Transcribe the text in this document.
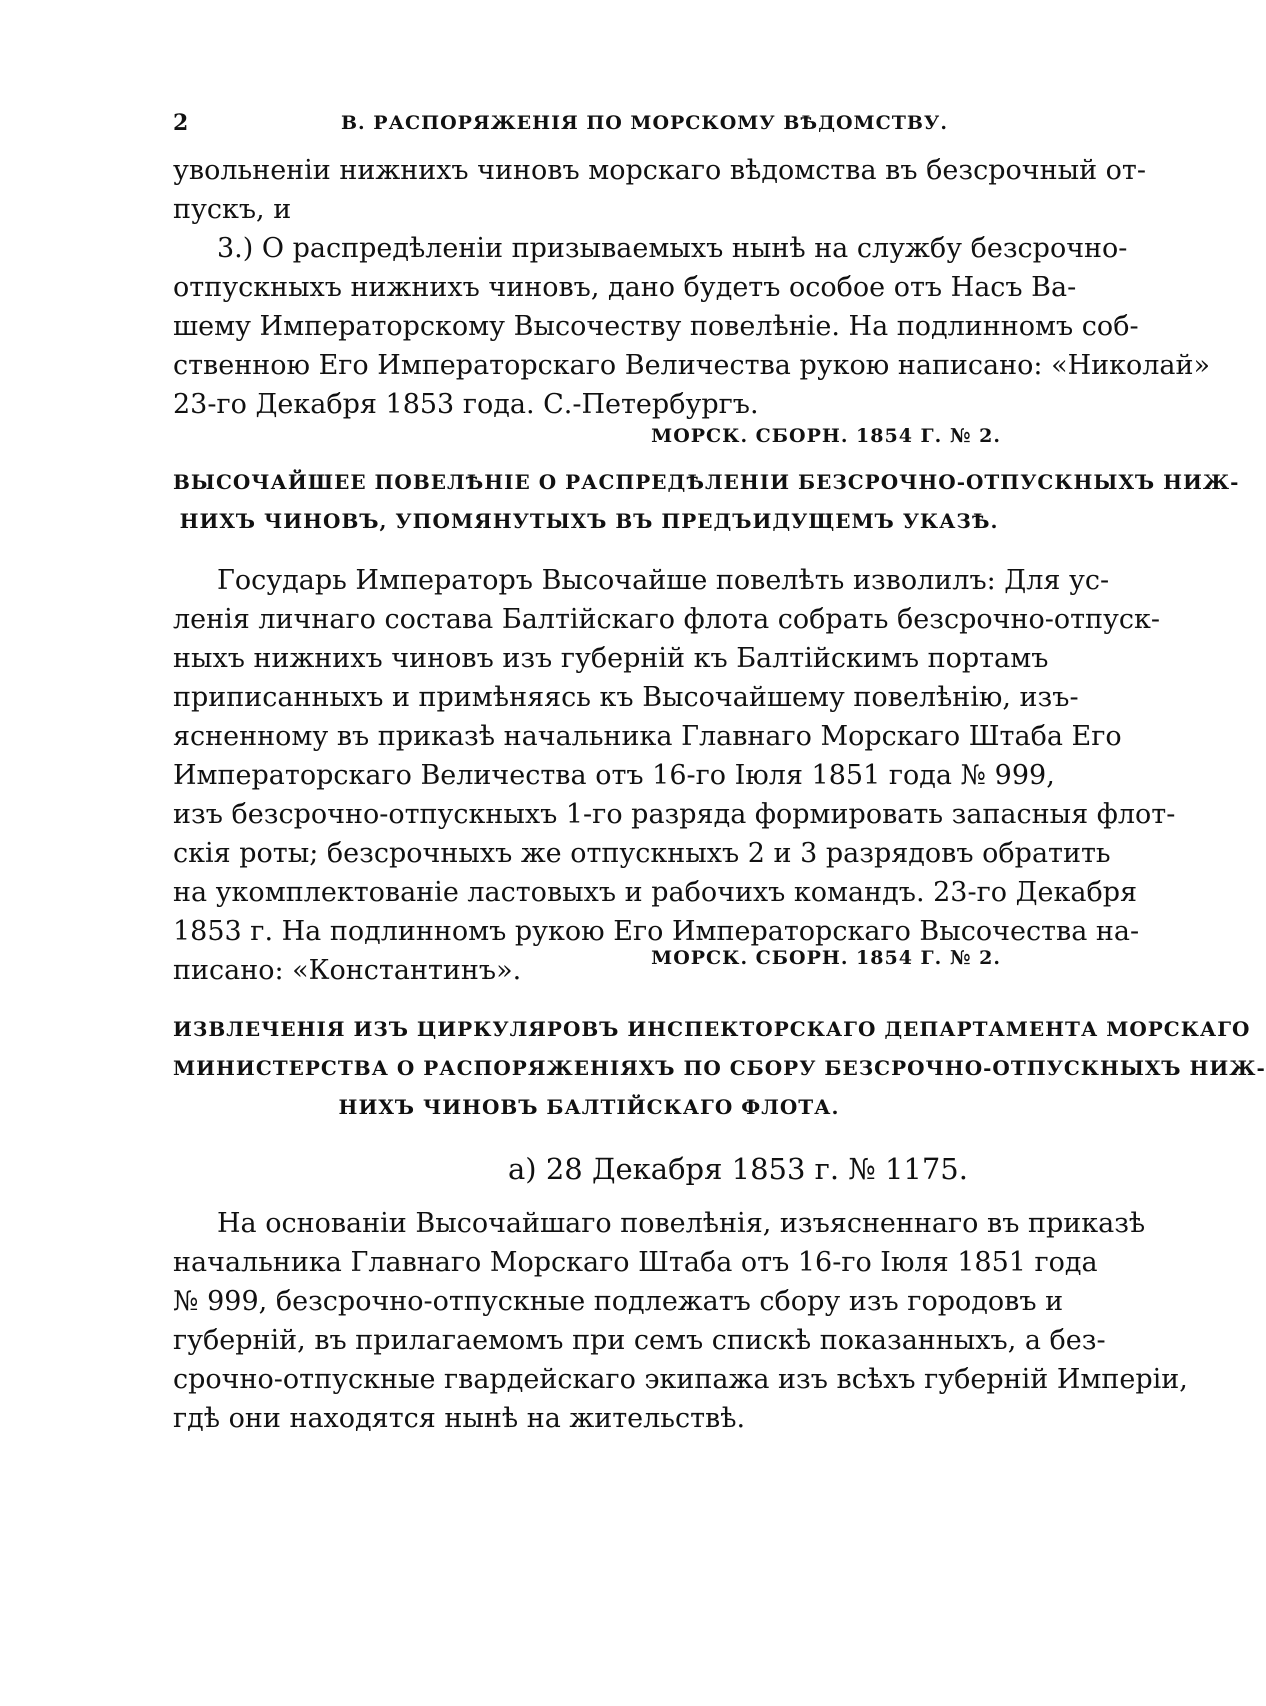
2	В. РАСПОРЯЖЕНІЯ ПО МОРСКОМУ ВѢДОМСТВУ.
увольненіи нижнихъ чиновъ морскаго вѣдомства въ безсрочный от-
пускъ, и
3.) О распредѣленіи призываемыхъ нынѣ на службу безсрочно-
отпускныхъ нижнихъ чиновъ, дано будетъ особое отъ Насъ Ва-
шему Императорскому Высочеству повелѣніе. На подлинномъ соб-
ственною Его Императорскаго Величества рукою написано: «Николай»
23-го Декабря 1853 года. С.-Петербургъ.
МОРСК. СБОРН. 1854 Г. № 2.
ВЫСОЧАЙШЕЕ ПОВЕЛѢНІЕ О РАСПРЕДѢЛЕНІИ БЕЗСРОЧНО-ОТПУСКНЫХЪ НИЖ-
НИХЪ ЧИНОВЪ, УПОМЯНУТЫХЪ ВЪ ПРЕДЪИДУЩЕМЪ УКАЗѢ.
Государь Императоръ Высочайше повелѣть изволилъ: Для ус-
ленія личнаго состава Балтійскаго флота собрать безсрочно-отпуск-
ныхъ нижнихъ чиновъ изъ губерній къ Балтійскимъ портамъ
приписанныхъ и примѣняясь къ Высочайшему повелѣнію, изъ-
ясненному въ приказѣ начальника Главнаго Морскаго Штаба Его
Императорскаго Величества отъ 16-го Іюля 1851 года № 999,
изъ безсрочно-отпускныхъ 1-го разряда формировать запасныя флот-
скія роты; безсрочныхъ же отпускныхъ 2 и 3 разрядовъ обратить
на укомплектованіе ластовыхъ и рабочихъ командъ. 23-го Декабря
1853 г. На подлинномъ рукою Его Императорскаго Высочества на-
писано: «Константинъ».	МОРСК. СБОРН. 1854 Г. № 2.
ИЗВЛЕЧЕНІЯ ИЗЪ ЦИРКУЛЯРОВЪ ИНСПЕКТОРСКАГО ДЕПАРТАМЕНТА МОРСКАГО
МИНИСТЕРСТВА О РАСПОРЯЖЕНІЯХЪ ПО СБОРУ БЕЗСРОЧНО-ОТПУСКНЫХЪ НИЖ-
НИХЪ ЧИНОВЪ БАЛТІЙСКАГО ФЛОТА.
а) 28 Декабря 1853 г. № 1175.
На основаніи Высочайшаго повелѣнія, изъясненнаго въ приказѣ
начальника Главнаго Морскаго Штаба отъ 16-го Іюля 1851 года
№ 999, безсрочно-отпускные подлежатъ сбору изъ городовъ и
губерній, въ прилагаемомъ при семъ спискѣ показанныхъ, а без-
срочно-отпускные гвардейскаго экипажа изъ всѣхъ губерній Имперіи,
гдѣ они находятся нынѣ на жительствѣ.
